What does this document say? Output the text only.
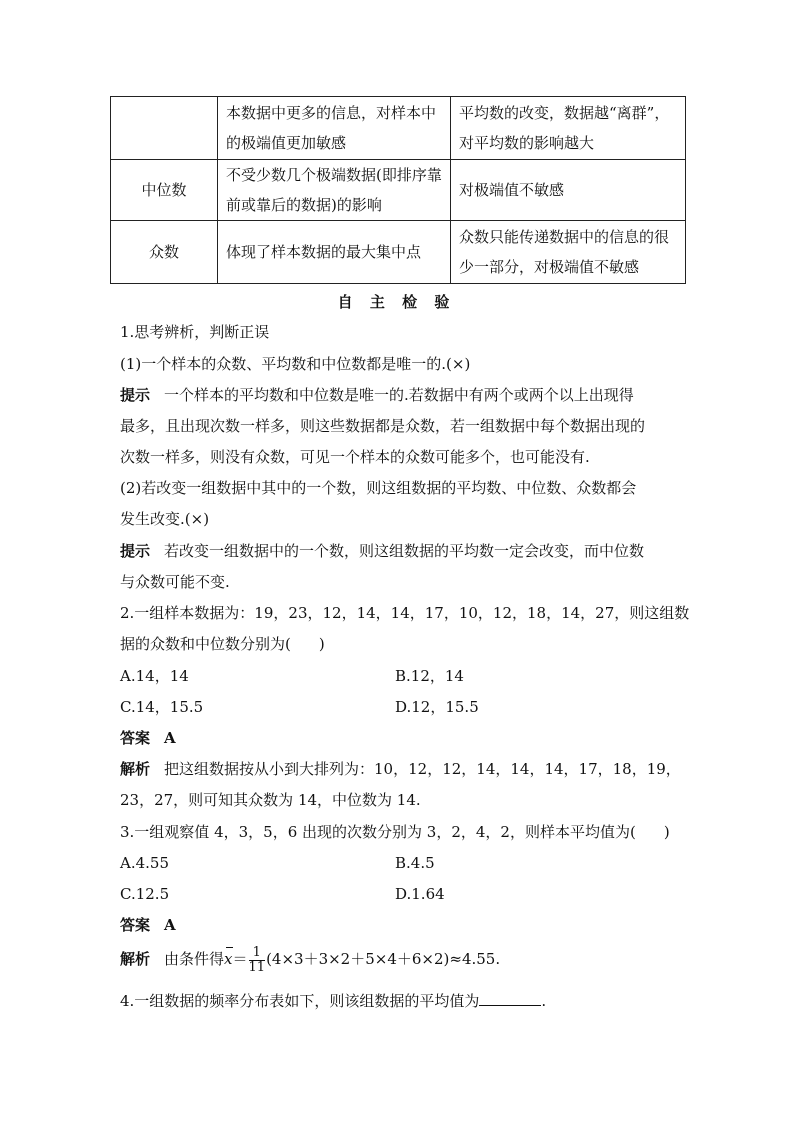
	本数据中更多的信息，对样本中的极端值更加敏感	平均数的改变，数据越“离群”，对平均数的影响越大
中位数	不受少数几个极端数据(即排序靠前或靠后的数据)的影响	对极端值不敏感
众数	体现了样本数据的最大集中点	众数只能传递数据中的信息的很少一部分，对极端值不敏感
自 主 检 验
1.思考辨析，判断正误
(1)一个样本的众数、平均数和中位数都是唯一的.(×)
提示 一个样本的平均数和中位数是唯一的.若数据中有两个或两个以上出现得
最多，且出现次数一样多，则这些数据都是众数，若一组数据中每个数据出现的
次数一样多，则没有众数，可见一个样本的众数可能多个，也可能没有.
(2)若改变一组数据中其中的一个数，则这组数据的平均数、中位数、众数都会
发生改变.(×)
提示 若改变一组数据中的一个数，则这组数据的平均数一定会改变，而中位数
与众数可能不变.
2.一组样本数据为：19，23，12，14，14，17，10，12，18，14，27，则这组数
据的众数和中位数分别为( )
A.14，14	B.12，14
C.14，15.5	D.12，15.5
答案 A
解析 把这组数据按从小到大排列为：10，12，12，14，14，14，17，18，19，
23，27，则可知其众数为 14，中位数为 14.
3.一组观察值 4，3，5，6 出现的次数分别为 3，2，4，2，则样本平均值为( )
A.4.55	B.4.5
C.12.5	D.1.64
答案 A
解析 由条件得$x= \frac{1}{11} (4\times 3+3\times 2+5\times 4+6\times 2)\approx 4.55$.
4.一组数据的频率分布表如下，则该组数据的平均值为	.
